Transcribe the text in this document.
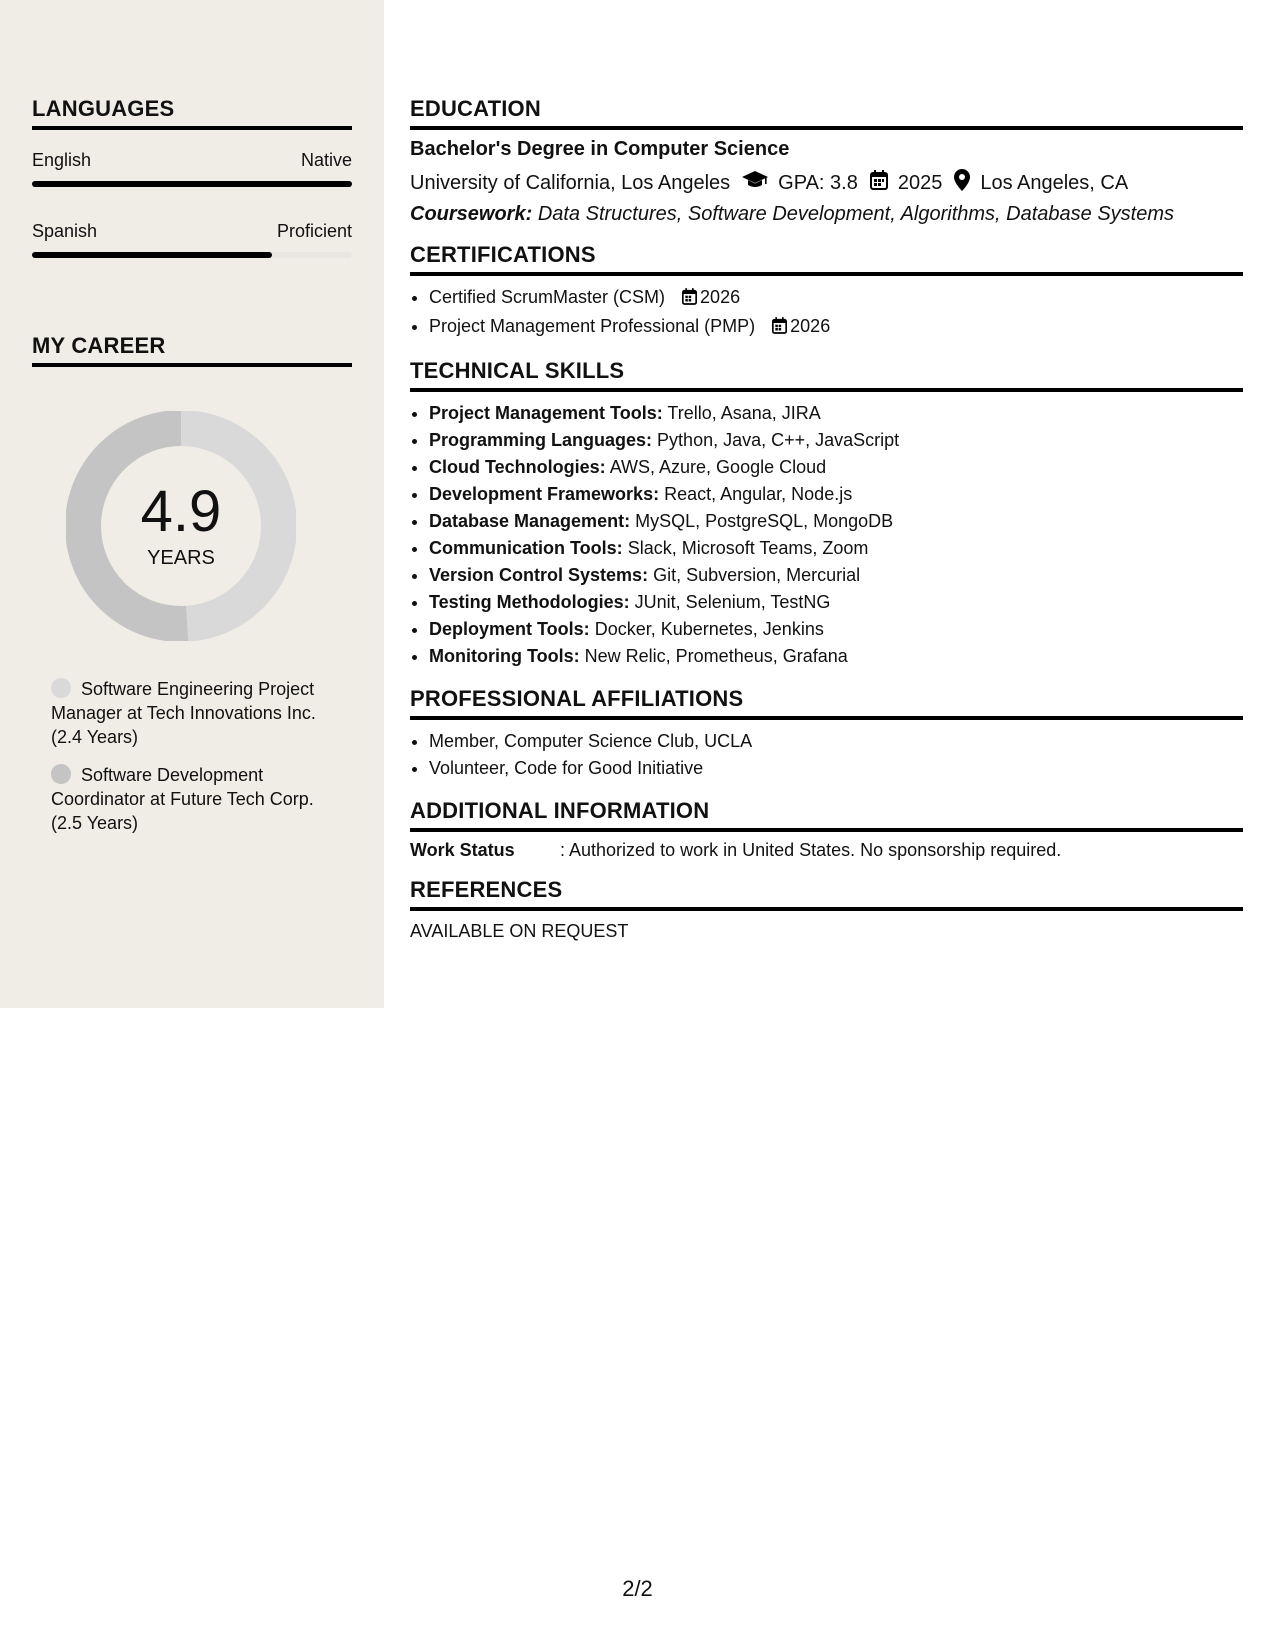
LANGUAGES
English	Native
Spanish	Proficient
MY CAREER
4.9
YEARS
Software Engineering Project Manager at Tech Innovations Inc. (2.4 Years)
Software Development Coordinator at Future Tech Corp. (2.5 Years)
EDUCATION
Bachelor's Degree in Computer Science
University of California, Los Angeles GPA: 3.8 2025 Los Angeles, CA
Coursework: Data Structures, Software Development, Algorithms, Database Systems
CERTIFICATIONS
• Certified ScrumMaster (CSM) 2026
• Project Management Professional (PMP) 2026
TECHNICAL SKILLS
• Project Management Tools: Trello, Asana, JIRA
• Programming Languages: Python, Java, C++, JavaScript
• Cloud Technologies: AWS, Azure, Google Cloud
• Development Frameworks: React, Angular, Node.js
• Database Management: MySQL, PostgreSQL, MongoDB
• Communication Tools: Slack, Microsoft Teams, Zoom
• Version Control Systems: Git, Subversion, Mercurial
• Testing Methodologies: JUnit, Selenium, TestNG
• Deployment Tools: Docker, Kubernetes, Jenkins
• Monitoring Tools: New Relic, Prometheus, Grafana
PROFESSIONAL AFFILIATIONS
• Member, Computer Science Club, UCLA
• Volunteer, Code for Good Initiative
ADDITIONAL INFORMATION
Work Status	: Authorized to work in United States. No sponsorship required.
REFERENCES
AVAILABLE ON REQUEST
2/2
